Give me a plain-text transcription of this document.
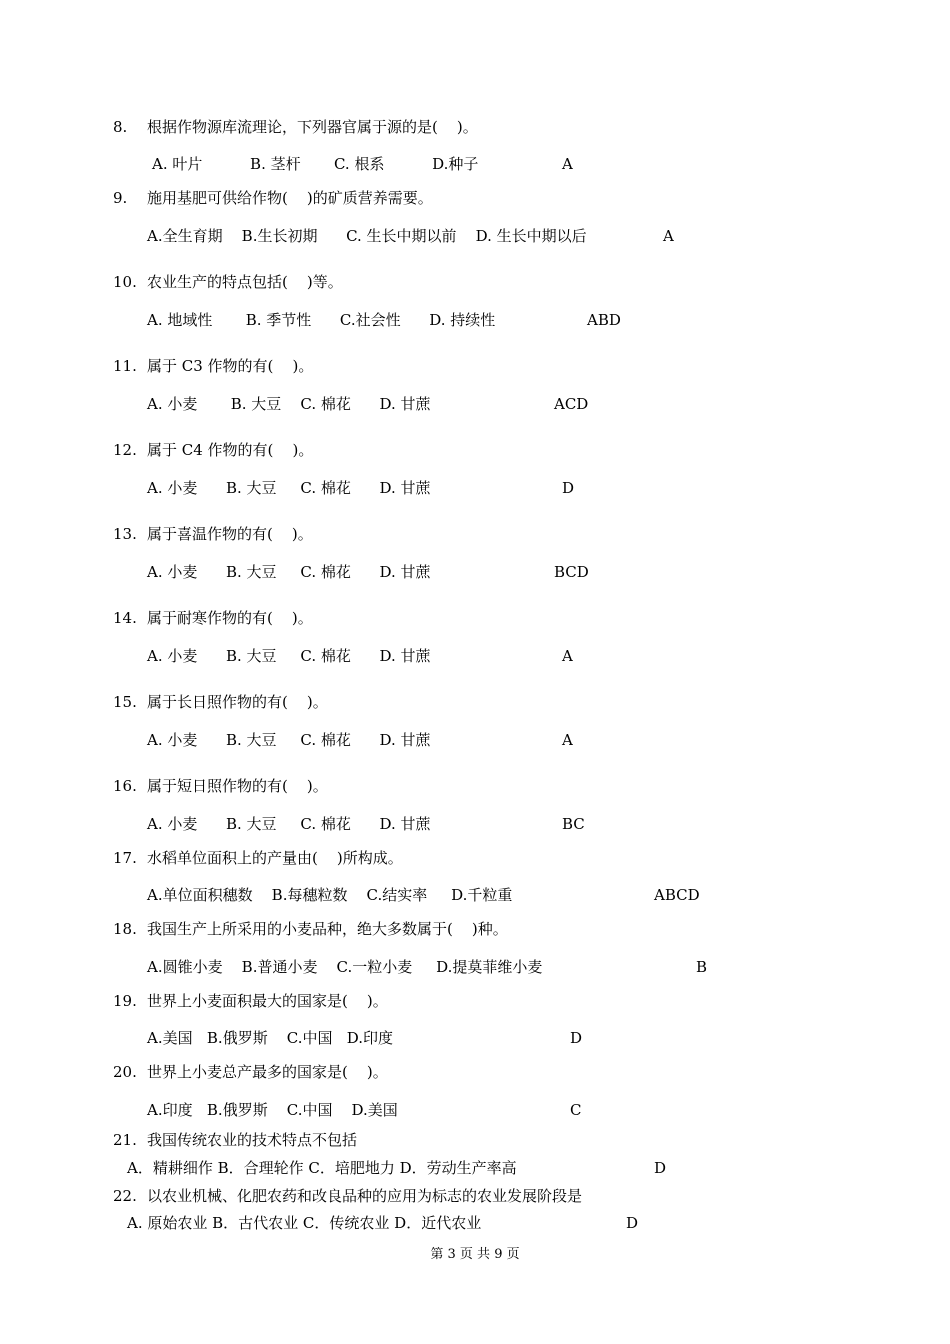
8. 根据作物源库流理论，下列器官属于源的是(    )。
A. 叶片          B. 茎杆       C. 根系          D.种子	A
9. 施用基肥可供给作物(    )的矿质营养需要。
A.全生育期    B.生长初期      C. 生长中期以前    D. 生长中期以后	A
10. 农业生产的特点包括(    )等。
A. 地域性       B. 季节性      C.社会性      D. 持续性	ABD
11. 属于 C3 作物的有(    )。
A. 小麦       B. 大豆    C. 棉花      D. 甘蔗	ACD
12. 属于 C4 作物的有(    )。
A. 小麦      B. 大豆     C. 棉花      D. 甘蔗	D
13. 属于喜温作物的有(    )。
A. 小麦      B. 大豆     C. 棉花      D. 甘蔗	BCD
14. 属于耐寒作物的有(    )。
A. 小麦      B. 大豆     C. 棉花      D. 甘蔗	A
15. 属于长日照作物的有(    )。
A. 小麦      B. 大豆     C. 棉花      D. 甘蔗	A
16. 属于短日照作物的有(    )。
A. 小麦      B. 大豆     C. 棉花      D. 甘蔗	BC
17. 水稻单位面积上的产量由(    )所构成。
A.单位面积穗数    B.每穗粒数    C.结实率     D.千粒重	ABCD
18. 我国生产上所采用的小麦品种，绝大多数属于(    )种。
A.圆锥小麦    B.普通小麦    C.一粒小麦     D.提莫菲维小麦	B
19. 世界上小麦面积最大的国家是(    )。
A.美国   B.俄罗斯    C.中国   D.印度	D
20. 世界上小麦总产最多的国家是(    )。
A.印度   B.俄罗斯    C.中国    D.美国	C
21. 我国传统农业的技术特点不包括
A．精耕细作 B．合理轮作 C．培肥地力 D．劳动生产率高	D
22. 以农业机械、化肥农药和改良品种的应用为标志的农业发展阶段是
A. 原始农业 B．古代农业 C．传统农业 D．近代农业	D
第 3 页 共 9 页
